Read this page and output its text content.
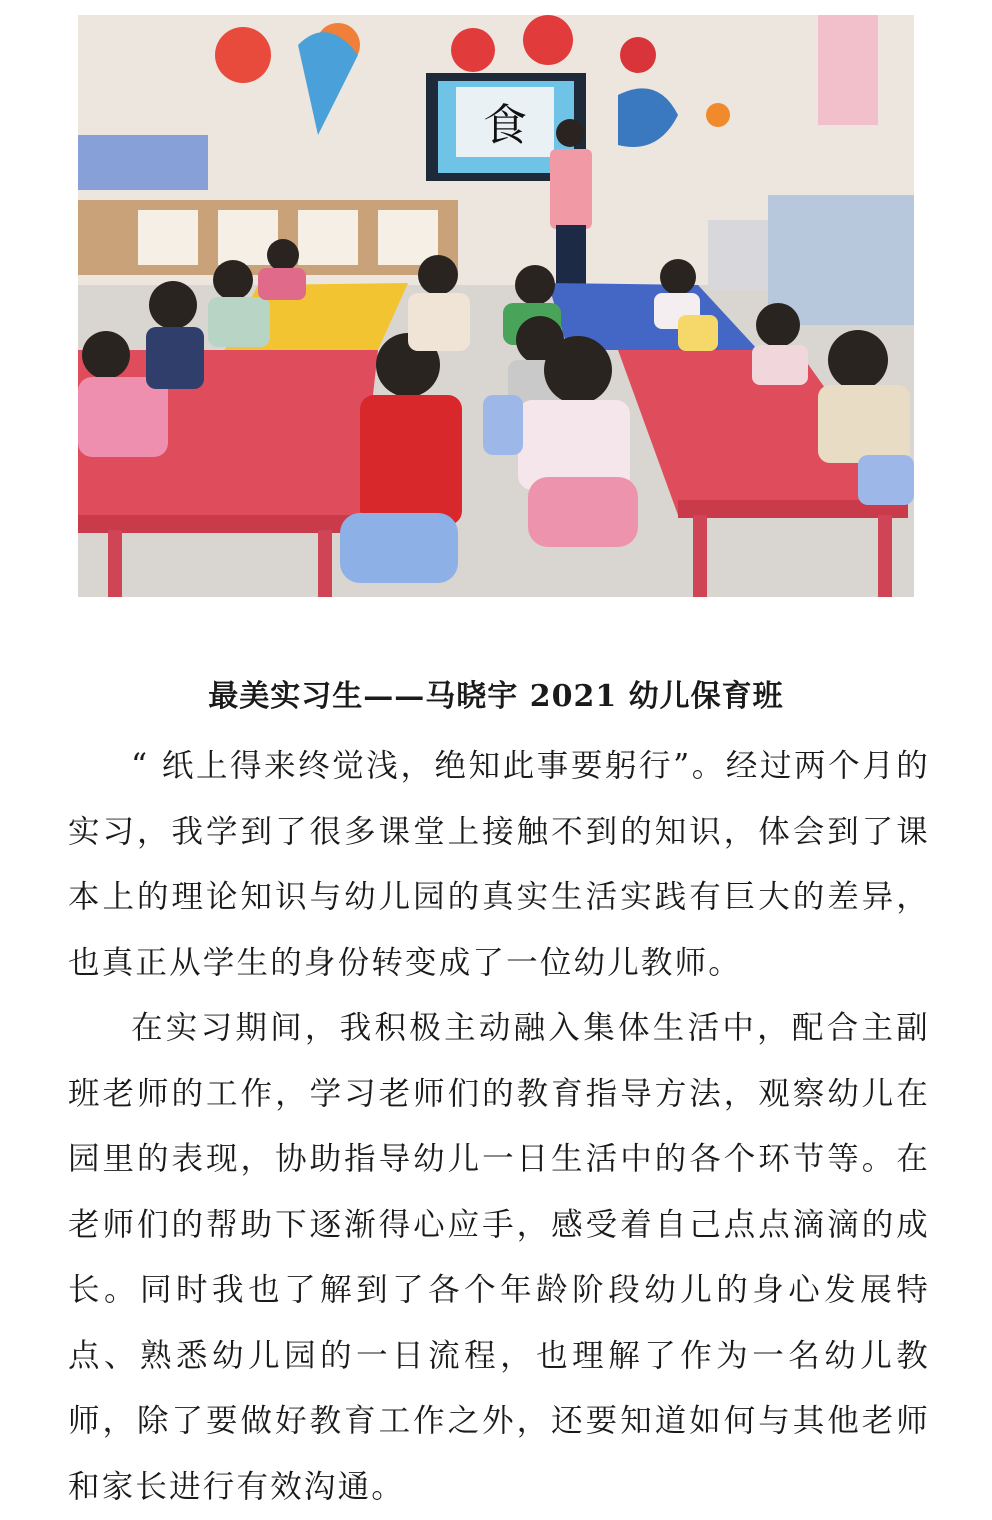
食
最美实习生——马晓宇 2021 幼儿保育班

“ 纸上得来终觉浅，绝知此事要躬行”。经过两个月的实习，我学到了很多课堂上接触不到的知识，体会到了课本上的理论知识与幼儿园的真实生活实践有巨大的差异，也真正从学生的身份转变成了一位幼儿教师。

在实习期间，我积极主动融入集体生活中，配合主副班老师的工作，学习老师们的教育指导方法，观察幼儿在园里的表现，协助指导幼儿一日生活中的各个环节等。在老师们的帮助下逐渐得心应手，感受着自己点点滴滴的成长。同时我也了解到了各个年龄阶段幼儿的身心发展特点、熟悉幼儿园的一日流程，也理解了作为一名幼儿教师，除了要做好教育工作之外，还要知道如何与其他老师和家长进行有效沟通。
